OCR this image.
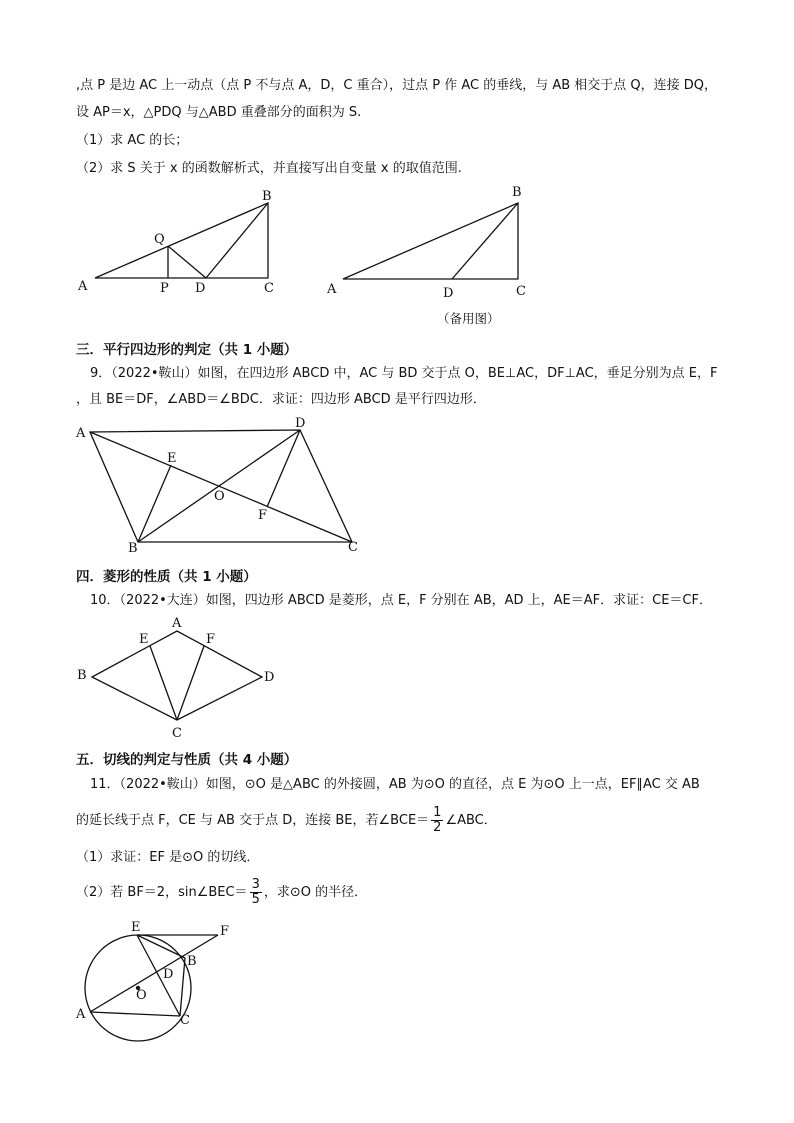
,点 P 是边 AC 上一动点（点 P 不与点 A，D，C 重合），过点 P 作 AC 的垂线，与 AB 相交于点 Q，连接 DQ，
设 AP＝x，△PDQ 与△ABD 重叠部分的面积为 S.
（1）求 AC 的长；
（2）求 S 关于 x 的函数解析式，并直接写出自变量 x 的取值范围.
三．平行四边形的判定（共 1 小题）
9．（2022•鞍山）如图，在四边形 ABCD 中，AC 与 BD 交于点 O，BE⊥AC，DF⊥AC，垂足分别为点 E，F
，且 BE＝DF，∠ABD＝∠BDC．求证：四边形 ABCD 是平行四边形．
四．菱形的性质（共 1 小题）
10．（2022•大连）如图，四边形 ABCD 是菱形，点 E，F 分别在 AB，AD 上，AE＝AF．求证：CE＝CF．
五．切线的判定与性质（共 4 小题）
11．（2022•鞍山）如图，⊙O 是△ABC 的外接圆，AB 为⊙O 的直径，点 E 为⊙O 上一点，EF∥AC 交 AB
的延长线于点 F，CE 与 AB 交于点 D，连接 BE，若∠BCE＝ $\frac{1}{2}$ ∠ABC．
（1）求证：EF 是⊙O 的切线．
（2）若 BF＝2，sin∠BEC＝ $\frac{3}{5}$ ，求⊙O 的半径．
B
Q
A	P D	C
B
A	D	C
（备用图）
A
D
E
O
F
B	C
A
E	F
B	D
C
E	F
B
D
O
A	C
